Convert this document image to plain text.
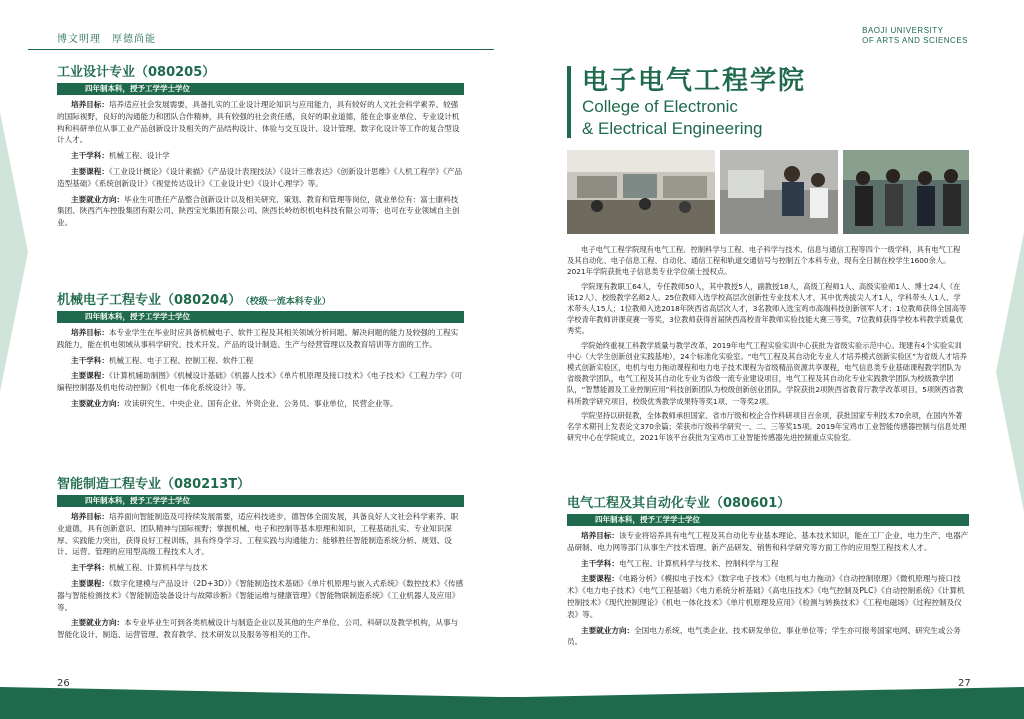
博文明理　厚德尚能
BAOJI UNIVERSITY
OF ARTS AND SCIENCES
工业设计专业（080205）
四年制本科，授予工学学士学位
培养目标：培养适应社会发展需要，具备扎实的工业设计理论知识与应用能力，具有较好的人文社会科学素养、较强的国际视野，良好的沟通能力和团队合作精神，具有较强的社会责任感，良好的职业道德，能在企事业单位、专业设计机构和科研单位从事工业产品创新设计及相关的产品结构设计、体验与交互设计、设计管理、数字化设计等工作的复合型设计人才。
主干学科：机械工程、设计学
主要课程：《工业设计概论》《设计素描》《产品设计表现技法》《设计三维表达》《创新设计思维》《人机工程学》《产品造型基础》《系统创新设计》《视觉传达设计》《工业设计史》《设计心理学》等。
主要就业方向：毕业生可胜任产品整合创新设计以及相关研究、策划、教育和管理等岗位，就业单位有：富士康科技集团、陕西汽车控股集团有限公司、陕西宝光集团有限公司、陕西长岭纺织机电科技有限公司等；也可在专业领域自主创业。
机械电子工程专业（080204） （校级一流本科专业）
四年制本科，授予工学学士学位
培养目标：本专业学生在毕业时应具备机械电子、软件工程及其相关领域分析问题、解决问题的能力及较强的工程实践能力，能在机电领域从事科学研究、技术开发、产品的设计制造、生产与经营管理以及教育培训等方面的工作。
主干学科：机械工程、电子工程、控制工程、软件工程
主要课程：《计算机辅助制图》《机械设计基础》《机器人技术》《单片机原理及接口技术》《电子技术》《工程力学》《可编程控制器及机电传动控制》《机电一体化系统设计》等。
主要就业方向：攻读研究生、中央企业、国有企业、外资企业、公务员、事业单位，民营企业等。
智能制造工程专业（080213T）
四年制本科，授予工学学士学位
培养目标：培养面向智能制造及可持续发展需要，适应科技进步，德智体全面发展，具备良好人文社会科学素养、职业道德，具有创新意识、团队精神与国际视野；掌握机械、电子和控制等基本原理和知识，工程基础扎实、专业知识深厚、实践能力突出，获得良好工程训练，具有终身学习、工程实践与沟通能力；能够胜任智能制造系统分析、规划、设计、运营、管理的应用型高级工程技术人才。
主干学科：机械工程、计算机科学与技术
主要课程：《数字化建模与产品设计（2D+3D）》《智能制造技术基础》《单片机原理与嵌入式系统》《数控技术》《传感器与智能检测技术》《智能制造装备设计与故障诊断》《智能运维与健康管理》《智能物联制造系统》《工业机器人及应用》等。
主要就业方向：本专业毕业生可到各类机械设计与制造企业以及其他的生产单位、公司、科研以及教学机构，从事与智能化设计、制造、运营管理、教育教学、技术研发以及服务等相关的工作。
26
电子电气工程学院
College of Electronic
& Electrical Engineering
电子电气工程学院现有电气工程、控制科学与工程、电子科学与技术、信息与通信工程等四个一级学科，具有电气工程及其自动化、电子信息工程、自动化、通信工程和轨道交通信号与控制五个本科专业，现有全日制在校学生1600余人。2021年学院获批电子信息类专业学位硕士授权点。
学院现有教职工64人，专任教师50人，其中教授5人，副教授18人，高级工程师1人、高级实验师1人、博士24人（在读12人）、校级教学名师2人。25位教师入选学校高层次创新性专业技术人才，其中优秀拔尖人才1人，学科带头人1人、学术带头人15人；1位教师入选2018年陕西省高层次人才，3名教师入选宝鸡市高端科技创新领军人才；1位教师获得全国高等学校青年教师讲课竞赛一等奖，3位教师获得首届陕西高校青年教师实验技能大赛三等奖，7位教师获得学校本科教学质量优秀奖。
学院始终重视工科教学质量与教学改革，2019年电气工程实验实训中心获批为省级实验示范中心。现建有4个实验实训中心（大学生创新创业实践基地），24个标准化实验室。“电气工程及其自动化专业人才培养模式创新实验区”为省级人才培养模式创新实验区，电机与电力拖动课程和电力电子技术课程为省级精品资源共享课程，电气信息类专业基础课程教学团队为省级教学团队，电气工程及其自动化专业为省级一流专业建设项目，电气工程及其自动化专业实践教学团队为校级教学团队，“智慧能源及工业控制应用”科技创新团队为校级创新创业团队。学院获批2项陕西省教育厅教学改革项目，5项陕西省教科所教学研究项目，校级优秀教学成果特等奖1项、一等奖2项。
学院坚持以研促教，全体教师承担国家、省市厅级和校企合作科研项目百余项，获批国家专利技术70余项，在国内外著名学术期刊上发表论文370余篇；荣获市厅级科学研究一、二、三等奖15项。2019年宝鸡市工业智能传感器控制与信息处理研究中心在学院成立，2021年该平台获批为宝鸡市工业智能传感器先进控制重点实验室。
电气工程及其自动化专业（080601）
四年制本科，授予工学学士学位
培养目标：该专业将培养具有电气工程及其自动化专业基本理论、基本技术知识，能在工厂企业、电力生产、电器产品研制、电力网等部门从事生产技术管理、新产品研发、销售和科学研究等方面工作的应用型工程技术人才。
主干学科：电气工程、计算机科学与技术、控制科学与工程
主要课程：《电路分析》《模拟电子技术》《数字电子技术》《电机与电力拖动》《自动控制原理》《微机原理与接口技术》《电力电子技术》《电气工程基础》《电力系统分析基础》《高电压技术》《电气控制及PLC》《自动控制系统》《计算机控制技术》《现代控制理论》《机电一体化技术》《单片机原理及应用》《检测与转换技术》《工程电磁场》《过程控制及仪表》等。
主要就业方向：全国电力系统、电气类企业、技术研发单位、事业单位等；学生亦可报考国家电网、研究生或公务员。
27
